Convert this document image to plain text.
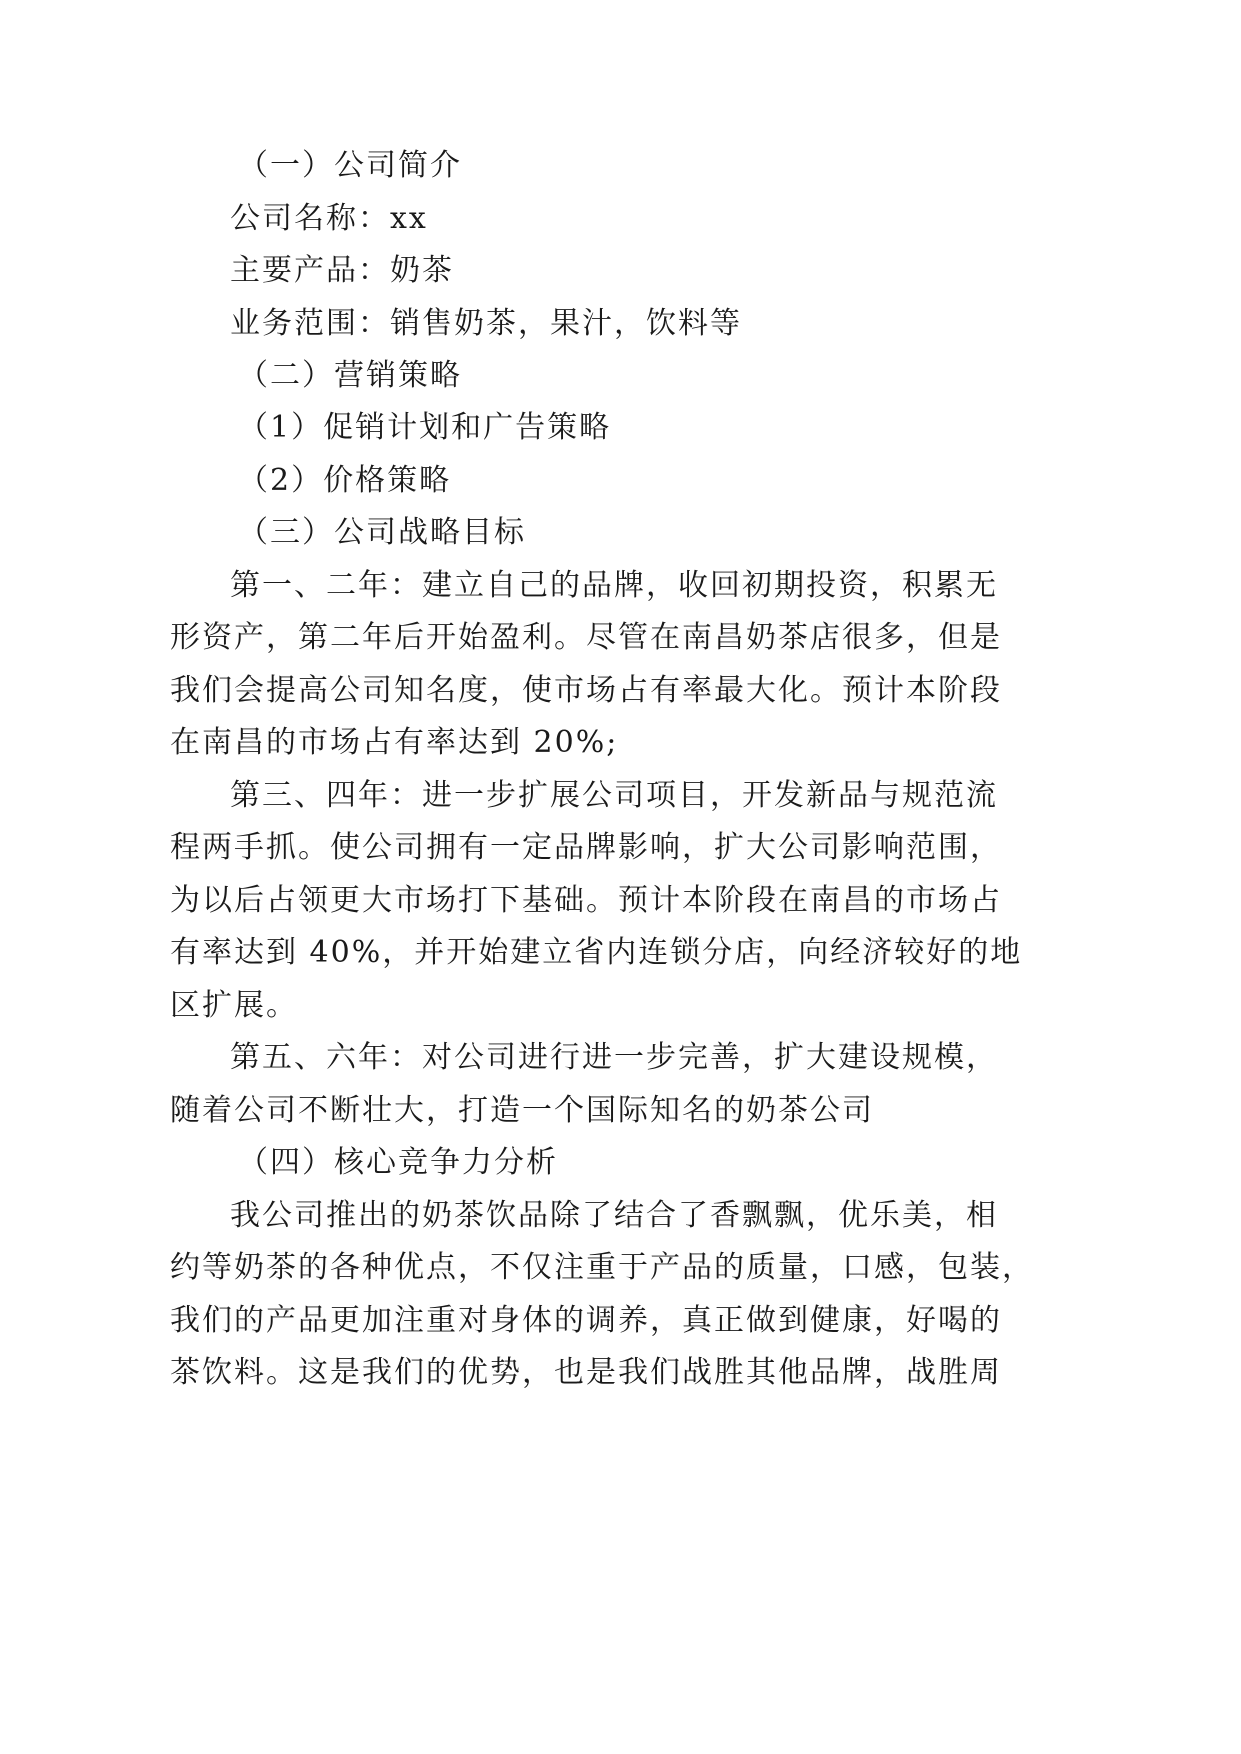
（一）公司简介
公司名称：xx
主要产品：奶茶
业务范围：销售奶茶，果汁，饮料等
（二）营销策略
（1）促销计划和广告策略
（2）价格策略
（三）公司战略目标
第一、二年：建立自己的品牌，收回初期投资，积累无
形资产，第二年后开始盈利。尽管在南昌奶茶店很多，但是
我们会提高公司知名度，使市场占有率最大化。预计本阶段
在南昌的市场占有率达到 20%;
第三、四年：进一步扩展公司项目，开发新品与规范流
程两手抓。使公司拥有一定品牌影响，扩大公司影响范围，
为以后占领更大市场打下基础。预计本阶段在南昌的市场占
有率达到 40%，并开始建立省内连锁分店，向经济较好的地
区扩展。
第五、六年：对公司进行进一步完善，扩大建设规模，
随着公司不断壮大，打造一个国际知名的奶茶公司
（四）核心竞争力分析
我公司推出的奶茶饮品除了结合了香飘飘，优乐美，相
约等奶茶的各种优点，不仅注重于产品的质量，口感，包装，
我们的产品更加注重对身体的调养，真正做到健康，好喝的
茶饮料。这是我们的优势，也是我们战胜其他品牌，战胜周
